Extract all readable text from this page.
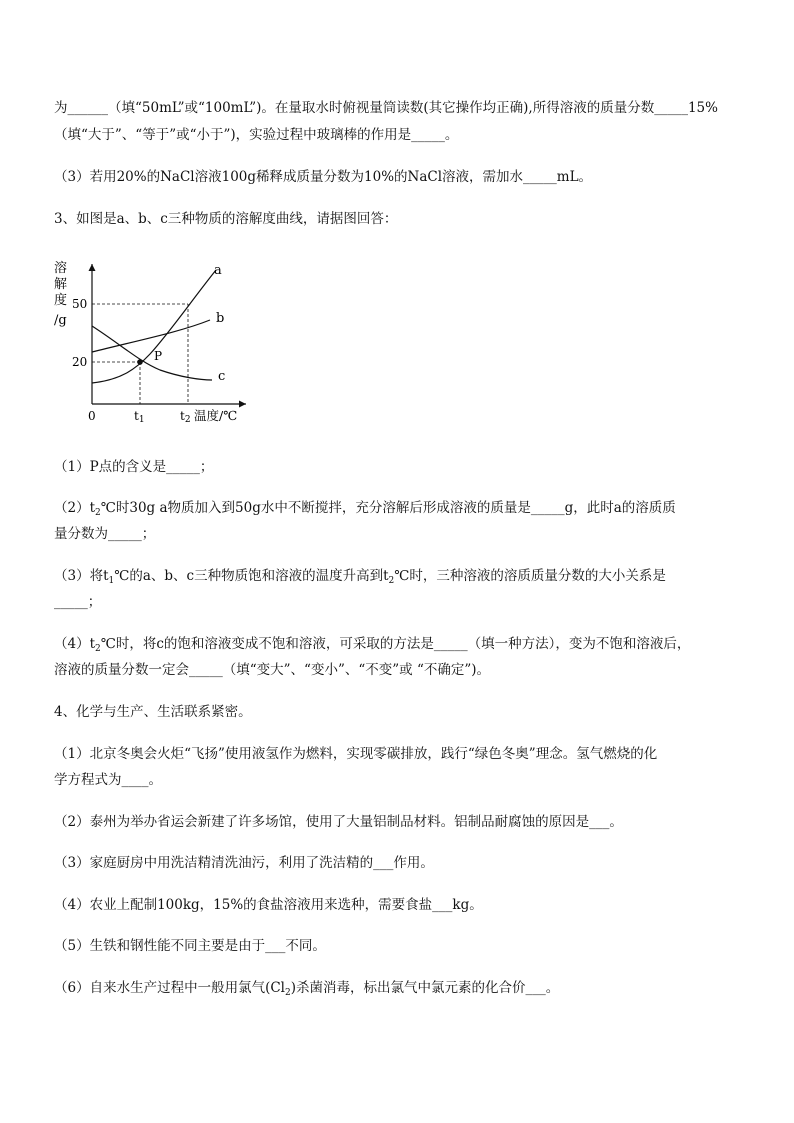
为______（填“50mL”或“100mL”)。在量取水时俯视量筒读数(其它操作均正确),所得溶液的质量分数_____15%
（填“大于”、“等于”或“小于”)，实验过程中玻璃棒的作用是_____。
（3）若用20%的NaCl溶液100g稀释成质量分数为10%的NaCl溶液，需加水_____mL。
3、如图是a、b、c三种物质的溶解度曲线，请据图回答：
溶
解
度
/g
50
20	P
a
b
c
0	t1	t2 温度/℃
（1）P点的含义是_____；
$(2)t_2℃$时30g a物质加入到50g水中不断搅拌，充分溶解后形成溶液的质量是_____g，此时a的溶质质
量分数为_____；
（3）将$t_1℃$的a、b、c三种物质饱和溶液的温度升高到$t_2℃$时，三种溶液的溶质质量分数的大小关系是
_____；
$(4)t_2℃$时，将c的饱和溶液变成不饱和溶液，可采取的方法是_____（填一种方法），变为不饱和溶液后，
溶液的质量分数一定会_____（填“变大”、“变小”、“不变”或 “不确定”)。
4、化学与生产、生活联系紧密。
（1）北京冬奥会火炬“飞扬”使用液氢作为燃料，实现零碳排放，践行“绿色冬奥”理念。氢气燃烧的化
学方程式为____。
（2）泰州为举办省运会新建了许多场馆，使用了大量铝制品材料。铝制品耐腐蚀的原因是___。
（3）家庭厨房中用洗洁精清洗油污，利用了洗洁精的___作用。
（4）农业上配制100kg，15%的食盐溶液用来选种，需要食盐___kg。
（5）生铁和钢性能不同主要是由于___不同。
（6）自来水生产过程中一般用氯气$(Cl_2)$杀菌消毒，标出氯气中氯元素的化合价___。
